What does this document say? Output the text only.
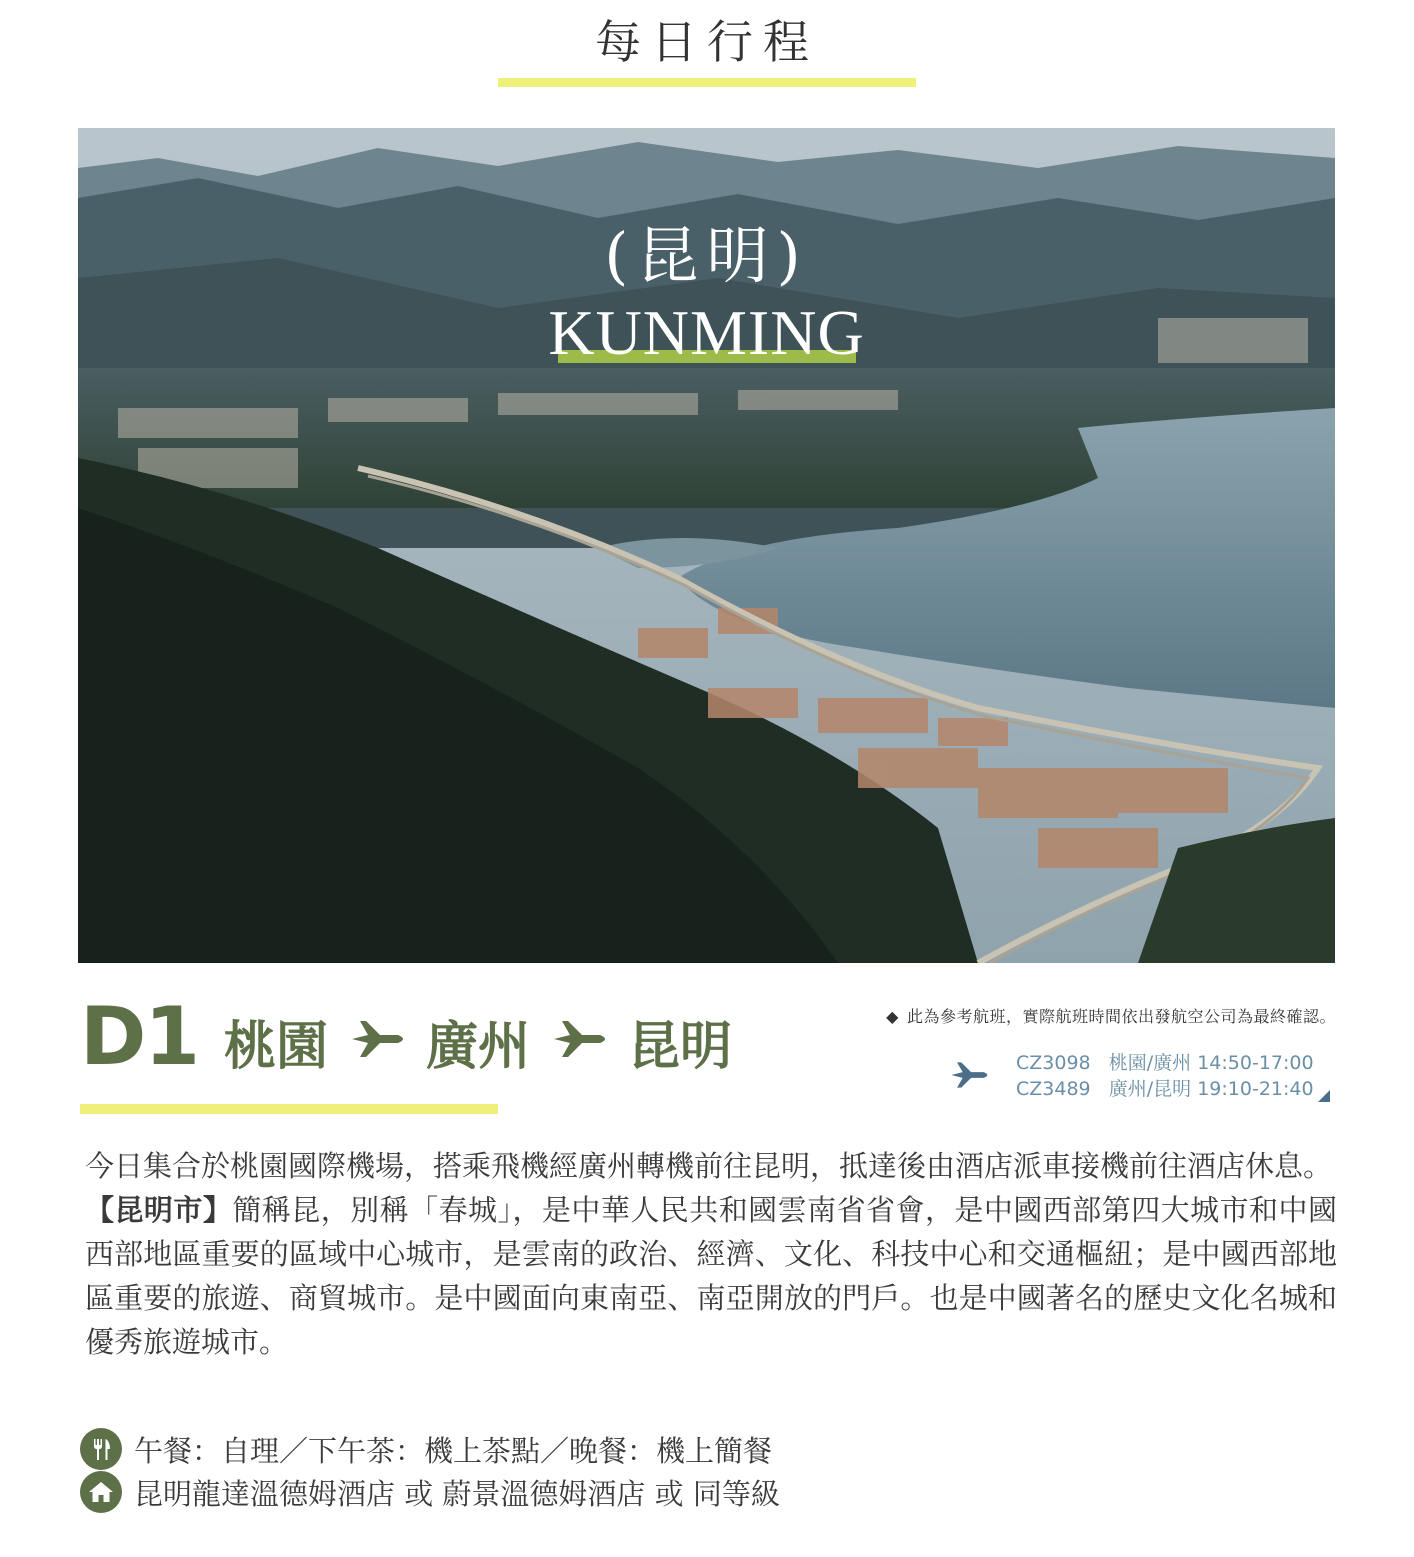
每日行程
(昆明)
KUNMING
D1 桃園 廣州 昆明
◆ 此為參考航班，實際航班時間依出發航空公司為最終確認。
CZ3098 桃園/廣州 14:50-17:00
CZ3489 廣州/昆明 19:10-21:40

今日集合於桃園國際機場，搭乘飛機經廣州轉機前往昆明，抵達後由酒店派車接機前往酒店休息。

【昆明市】簡稱昆，別稱「春城」，是中華人民共和國雲南省省會，是中國西部第四大城市和中國西部地區重要的區域中心城市，是雲南的政治、經濟、文化、科技中心和交通樞紐；是中國西部地區重要的旅遊、商貿城市。是中國面向東南亞、南亞開放的門戶。也是中國著名的歷史文化名城和優秀旅遊城市。

午餐：自理／下午茶：機上茶點／晚餐：機上簡餐
昆明龍達溫德姆酒店 或 蔚景溫德姆酒店 或 同等級
